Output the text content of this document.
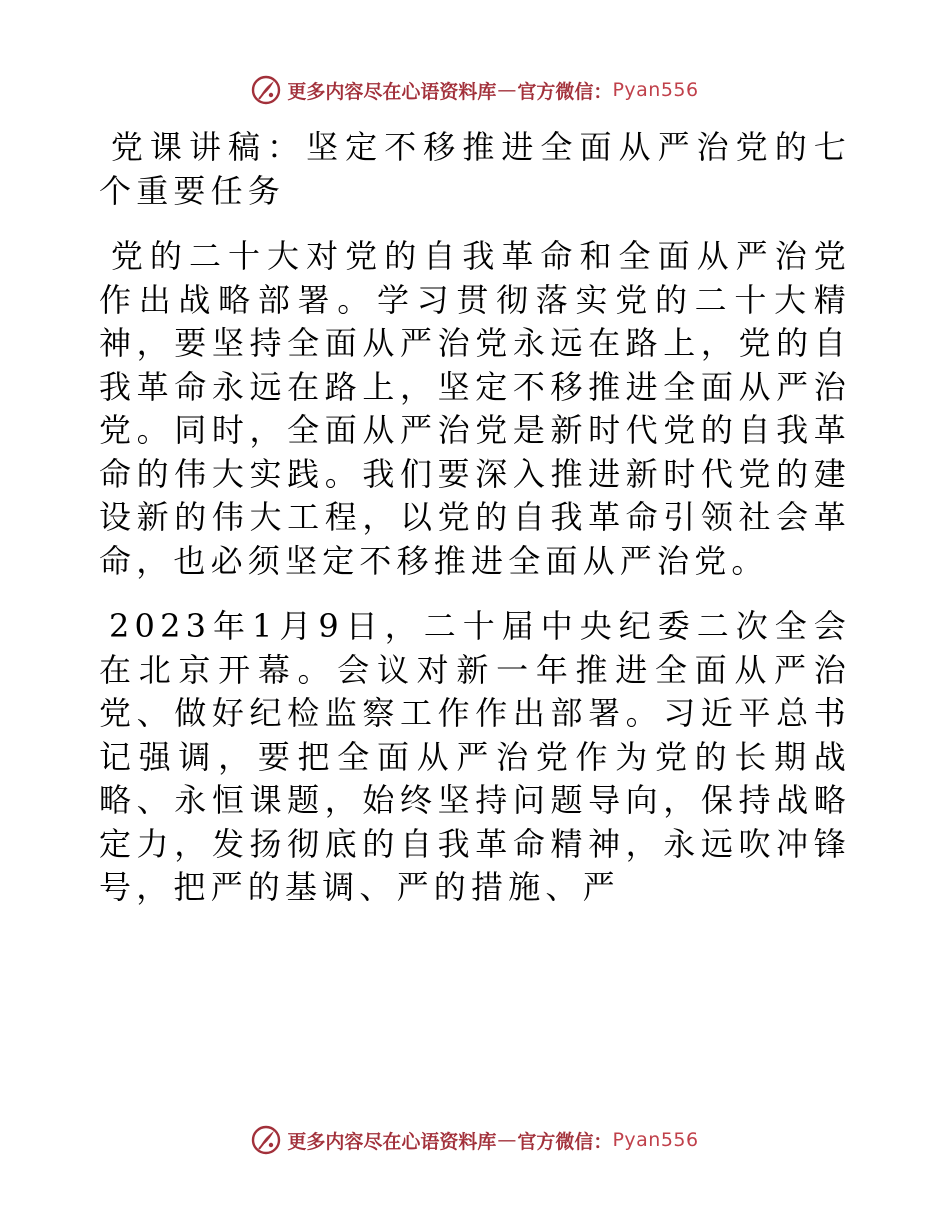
更多内容尽在心语资料库 — 官方微信： Pyan556

党课讲稿：坚定不移推进全面从严治党的七个重要任务

党的二十大对党的自我革命和全面从严治党作出战略部署。学习贯彻落实党的二十大精神，要坚持全面从严治党永远在路上，党的自我革命永远在路上，坚定不移推进全面从严治党。同时，全面从严治党是新时代党的自我革命的伟大实践。我们要深入推进新时代党的建设新的伟大工程，以党的自我革命引领社会革命，也必须坚定不移推进全面从严治党。

2023年1月9日，二十届中央纪委二次全会在北京开幕。会议对新一年推进全面从严治党、做好纪检监察工作作出部署。习近平总书记强调，要把全面从严治党作为党的长期战略、永恒课题，始终坚持问题导向，保持战略定力，发扬彻底的自我革命精神，永远吹冲锋号，把严的基调、严的措施、严

更多内容尽在心语资料库 — 官方微信： Pyan556
